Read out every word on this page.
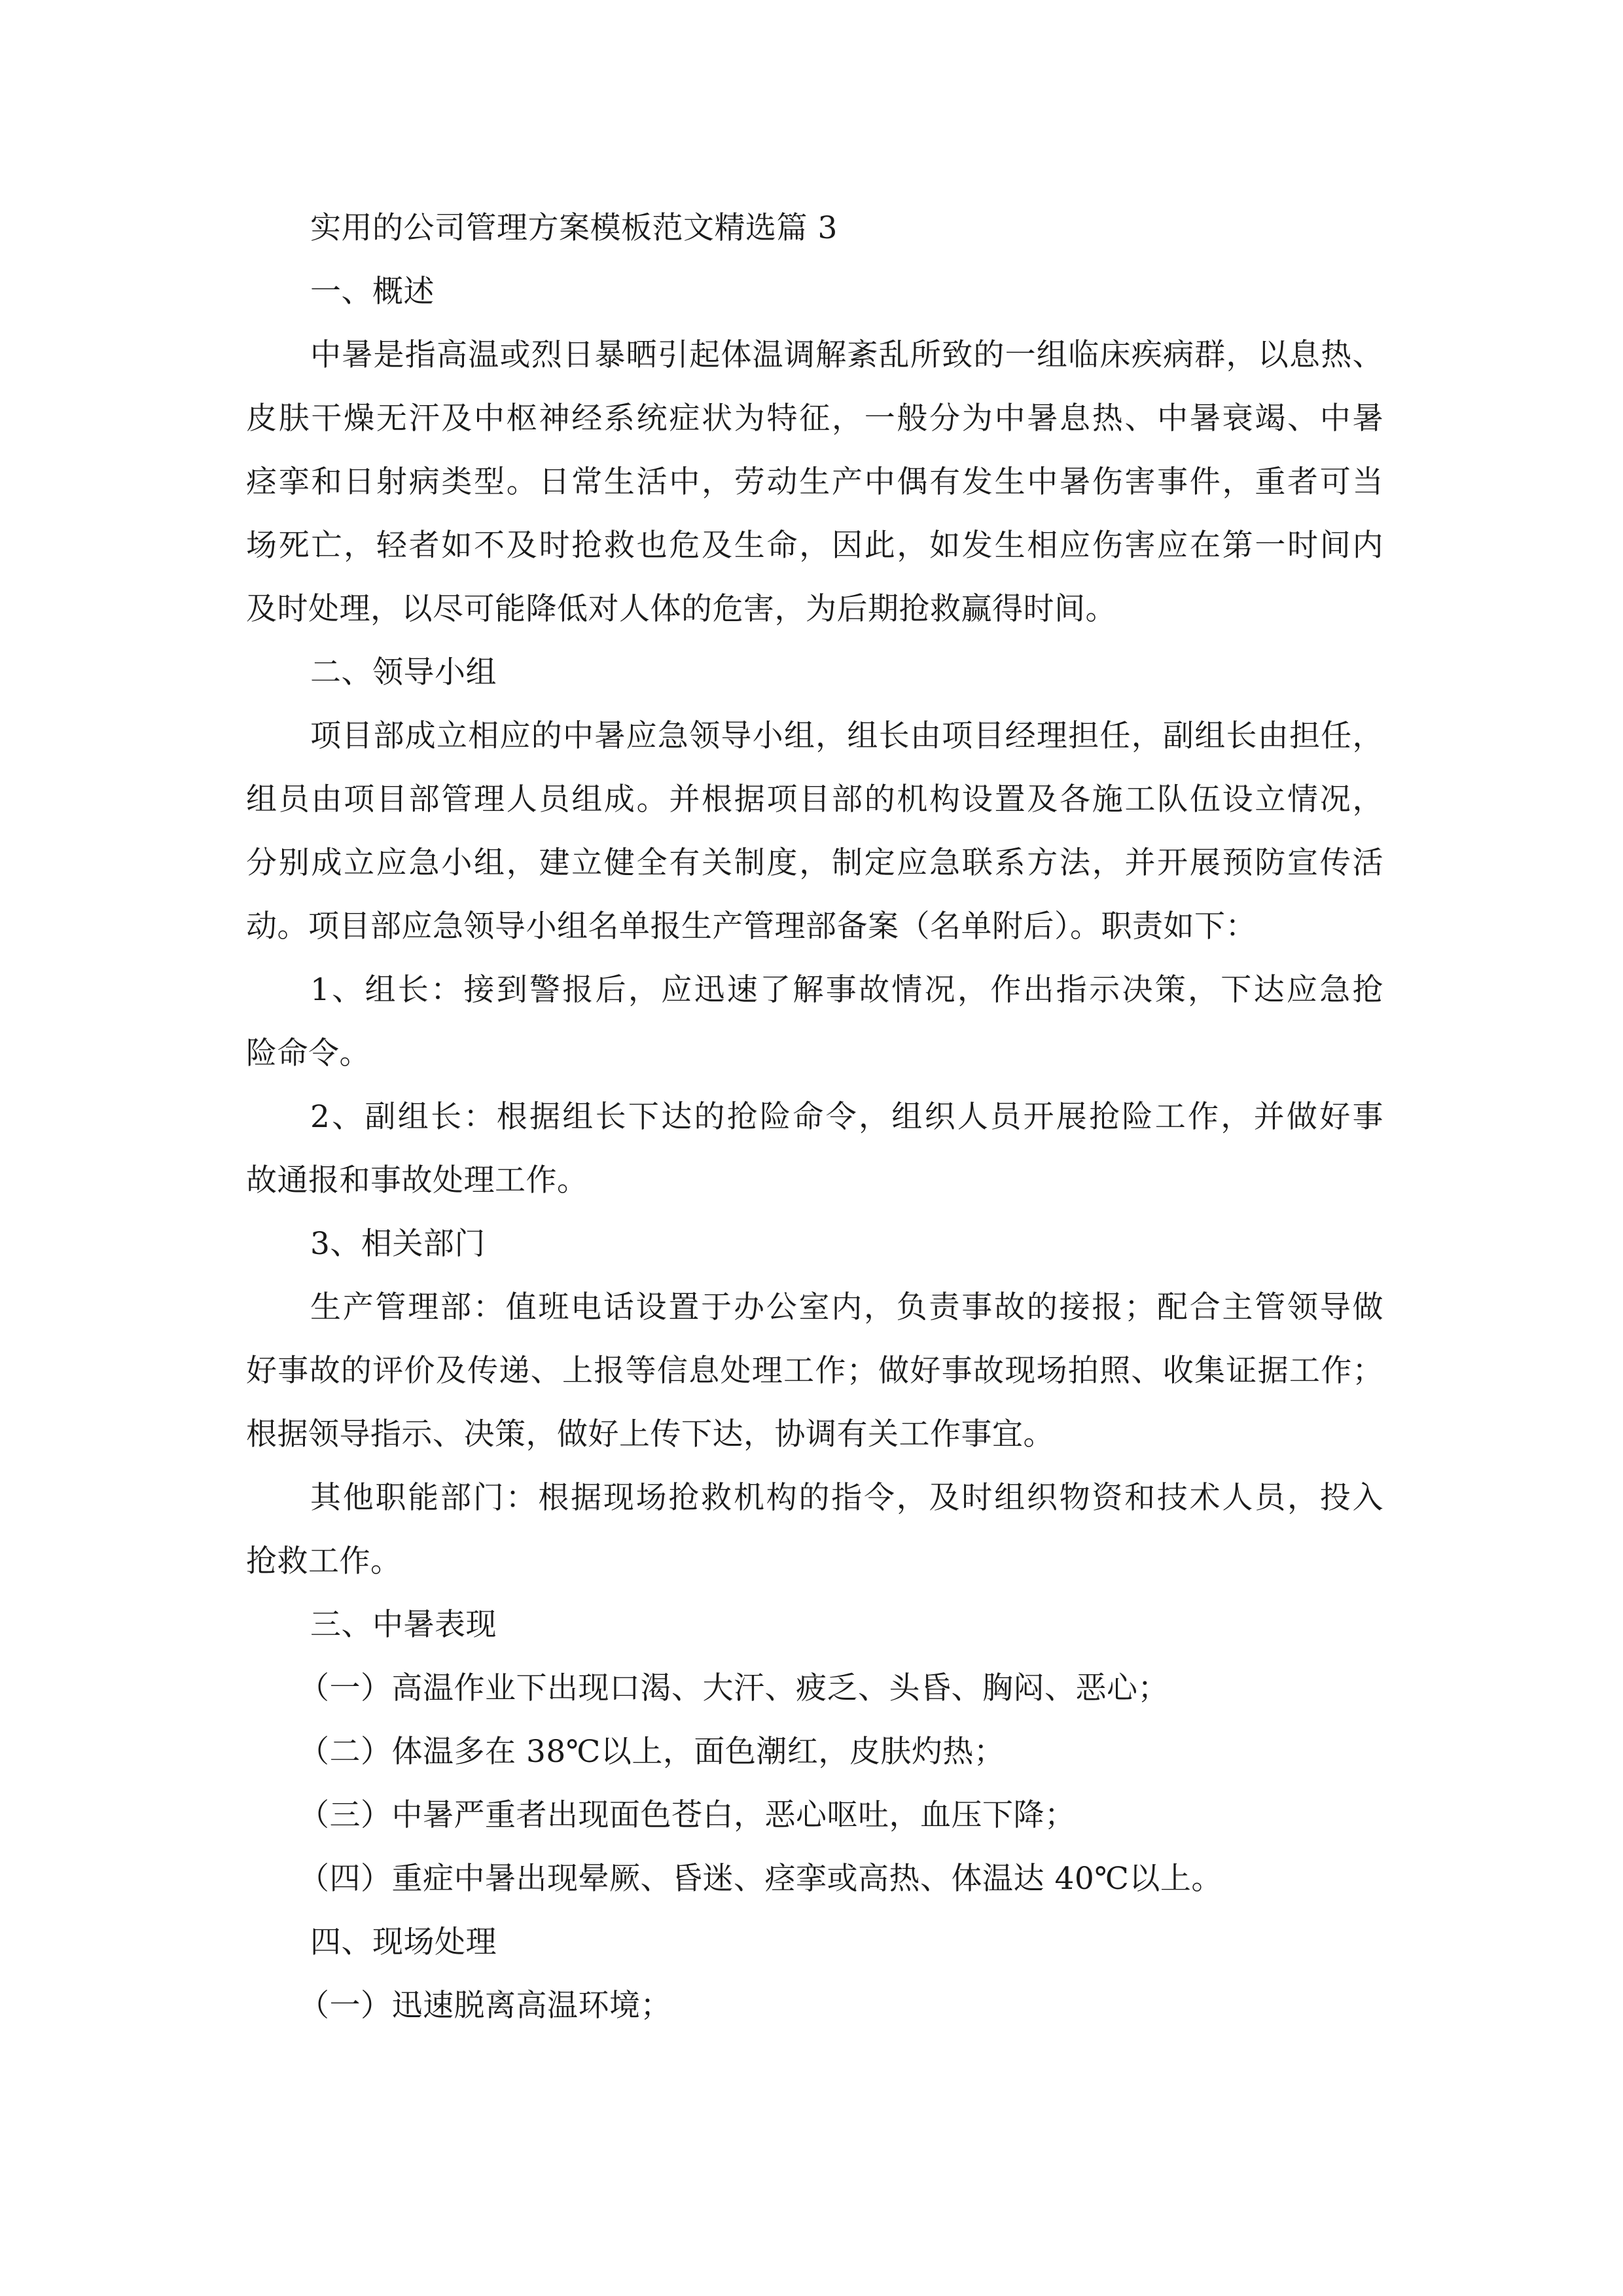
实用的公司管理方案模板范文精选篇 3
一、概述
中暑是指高温或烈日暴晒引起体温调解紊乱所致的一组临床疾病群，以息热、
皮肤干燥无汗及中枢神经系统症状为特征，一般分为中暑息热、中暑衰竭、中暑
痉挛和日射病类型。日常生活中，劳动生产中偶有发生中暑伤害事件，重者可当
场死亡，轻者如不及时抢救也危及生命，因此，如发生相应伤害应在第一时间内
及时处理，以尽可能降低对人体的危害，为后期抢救赢得时间。
二、领导小组
项目部成立相应的中暑应急领导小组，组长由项目经理担任，副组长由担任，
组员由项目部管理人员组成。并根据项目部的机构设置及各施工队伍设立情况，
分别成立应急小组，建立健全有关制度，制定应急联系方法，并开展预防宣传活
动。项目部应急领导小组名单报生产管理部备案（名单附后）。职责如下：
1、组长：接到警报后，应迅速了解事故情况，作出指示决策，下达应急抢
险命令。
2、副组长：根据组长下达的抢险命令，组织人员开展抢险工作，并做好事
故通报和事故处理工作。
3、相关部门
生产管理部：值班电话设置于办公室内，负责事故的接报；配合主管领导做
好事故的评价及传递、上报等信息处理工作；做好事故现场拍照、收集证据工作；
根据领导指示、决策，做好上传下达，协调有关工作事宜。
其他职能部门：根据现场抢救机构的指令，及时组织物资和技术人员，投入
抢救工作。
三、中暑表现
（一）高温作业下出现口渴、大汗、疲乏、头昏、胸闷、恶心；
（二）体温多在 38℃以上，面色潮红，皮肤灼热；
（三）中暑严重者出现面色苍白，恶心呕吐，血压下降；
（四）重症中暑出现晕厥、昏迷、痉挛或高热、体温达 40℃以上。
四、现场处理
（一）迅速脱离高温环境；
